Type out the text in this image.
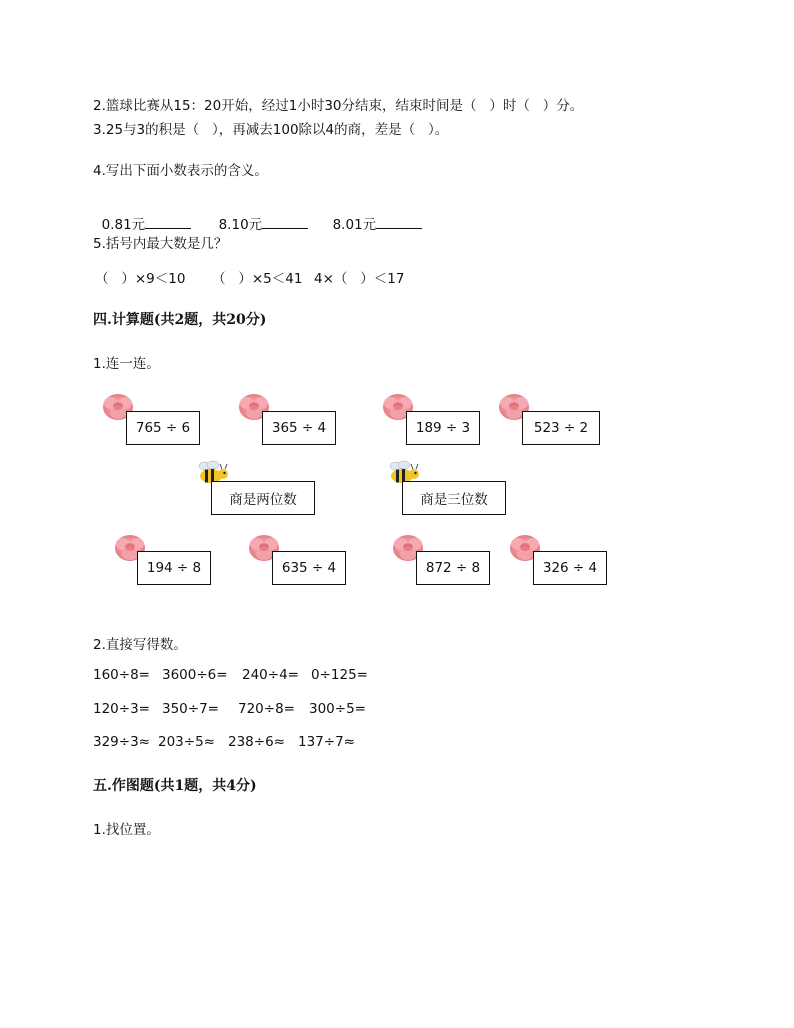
2.篮球比赛从15：20开始，经过1小时30分结束，结束时间是（   ）时（   ）分。
3.25与3的积是（   ），再减去100除以4的商，差是（   ）。
4.写出下面小数表示的含义。

0.81元	8.10元	8.01元

5.括号内最大数是几？
（   ）×9＜10 （   ）×5＜41 4×（   ）＜17
四.计算题(共2题，共20分)
1.连一连。
765 ÷ 6	365 ÷ 4	189 ÷ 3	523 ÷ 2
商是两位数	商是三位数
194 ÷ 8	635 ÷ 4	872 ÷ 8	326 ÷ 4
2.直接写得数。
160÷8= 3600÷6= 240÷4= 0÷125=
120÷3= 350÷7= 720÷8= 300÷5=
329÷3≈ 203÷5≈ 238÷6≈ 137÷7≈
五.作图题(共1题，共4分)
1.找位置。
